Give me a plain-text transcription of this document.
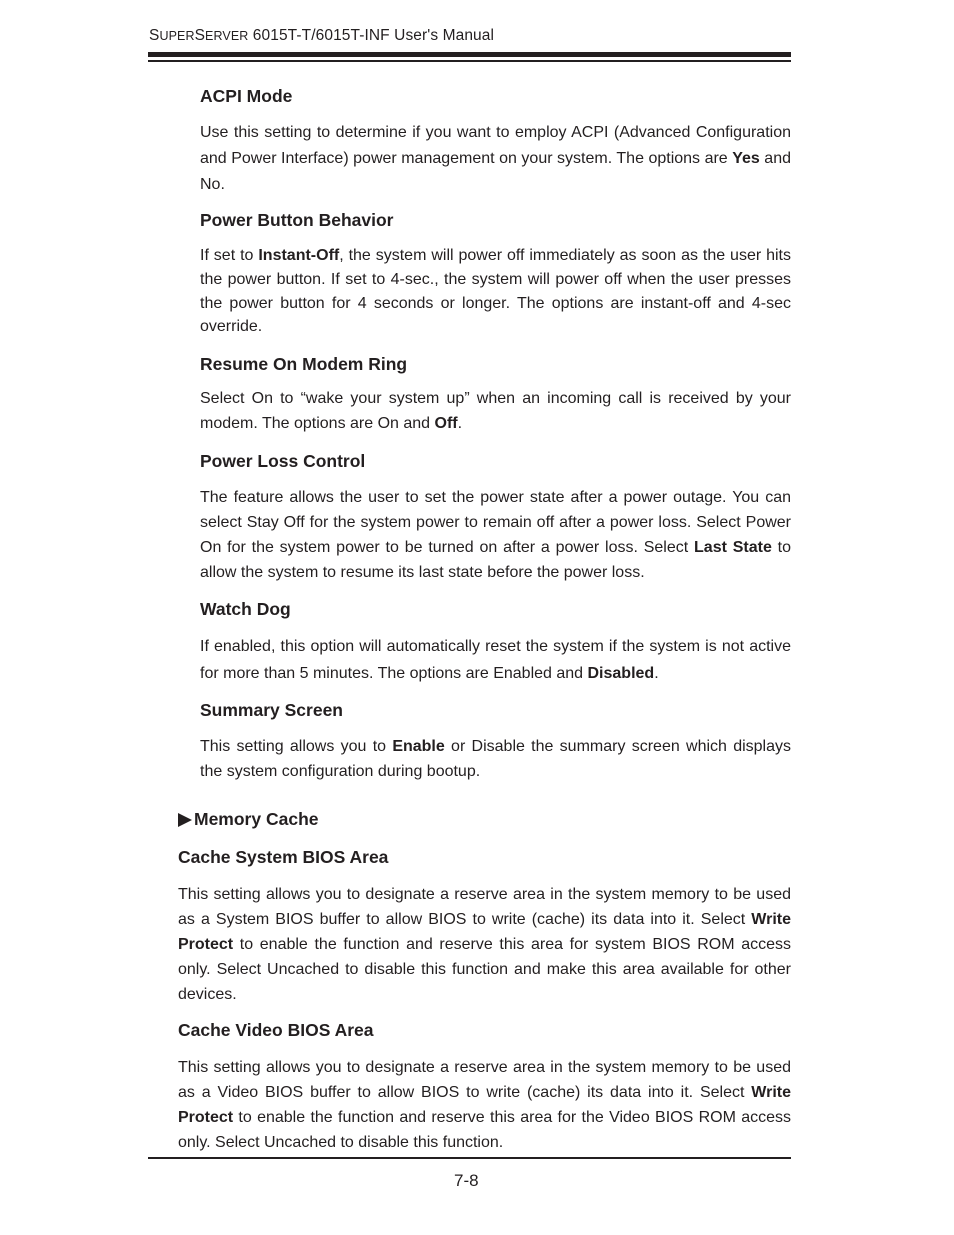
SUPERSERVER 6015T-T/6015T-INF User's Manual
ACPI Mode
Use this setting to determine if you want to employ ACPI (Advanced Configuration and Power Interface) power management on your system. The options are Yes and No.
Power Button Behavior
If set to Instant-Off, the system will power off immediately as soon as the user hits the power button. If set to 4-sec., the system will power off when the user presses the power button for 4 seconds or longer. The options are instant-off and 4-sec override.
Resume On Modem Ring
Select On to “wake your system up” when an incoming call is received by your modem. The options are On and Off.
Power Loss Control
The feature allows the user to set the power state after a power outage. You can select Stay Off for the system power to remain off after a power loss. Select Power On for the system power to be turned on after a power loss. Select Last State to allow the system to resume its last state before the power loss.
Watch Dog
If enabled, this option will automatically reset the system if the system is not active for more than 5 minutes. The options are Enabled and Disabled.
Summary Screen
This setting allows you to Enable or Disable the summary screen which displays the system configuration during bootup.
Memory Cache
Cache System BIOS Area
This setting allows you to designate a reserve area in the system memory to be used as a System BIOS buffer to allow BIOS to write (cache) its data into it. Select Write Protect to enable the function and reserve this area for system BIOS ROM access only. Select Uncached to disable this function and make this area available for other devices.
Cache Video BIOS Area
This setting allows you to designate a reserve area in the system memory to be used as a Video BIOS buffer to allow BIOS to write (cache) its data into it. Select Write Protect to enable the function and reserve this area for the Video BIOS ROM access only. Select Uncached to disable this function.
7-8
